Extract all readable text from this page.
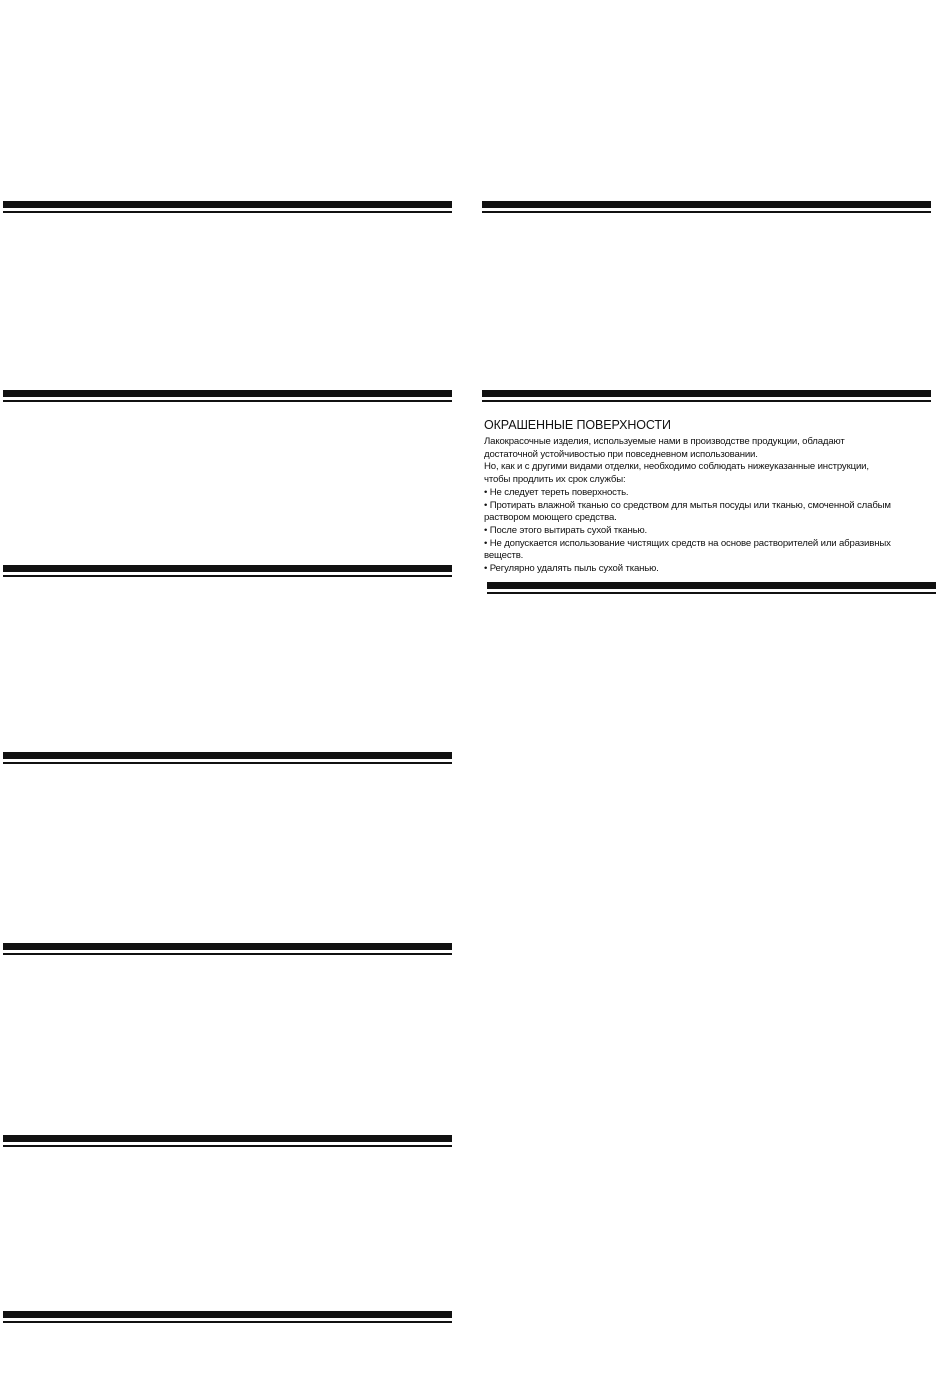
ОКРАШЕННЫЕ ПОВЕРХНОСТИ

Лакокрасочные изделия, используемые нами в производстве продукции, обладают

достаточной устойчивостью при повседневном использовании.

Но, как и с другими видами отделки, необходимо соблюдать нижеуказанные инструкции,

чтобы продлить их срок службы:

• Не следует тереть поверхность.

• Протирать влажной тканью со средством для мытья посуды или тканью, смоченной слабым

раствором моющего средства.

• После этого вытирать сухой тканью.

• Не допускается использование чистящих средств на основе растворителей или абразивных

веществ.

• Регулярно удалять пыль сухой тканью.
